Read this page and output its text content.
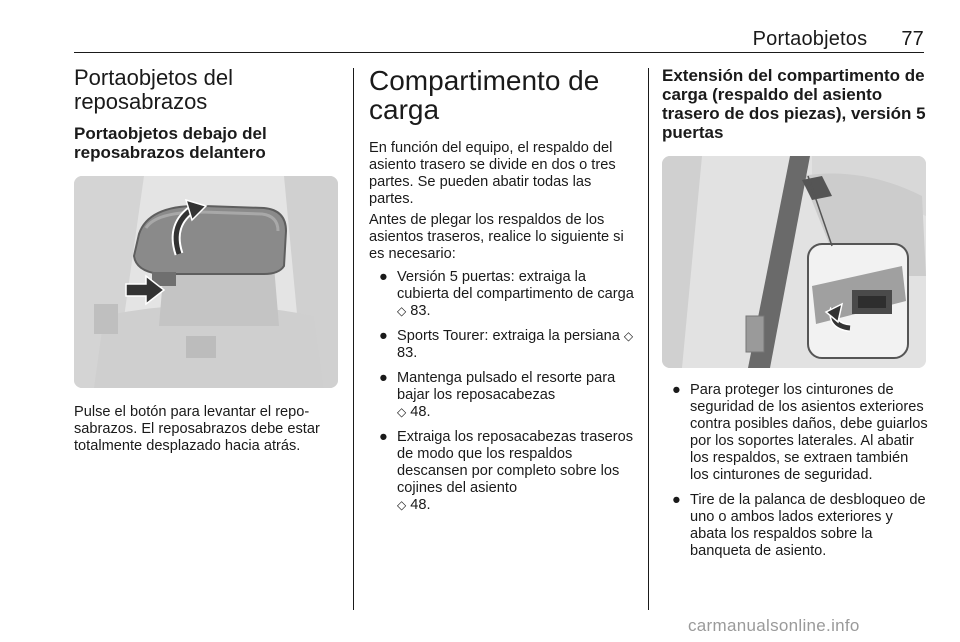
Portaobjetos 77
Portaobjetos del reposabrazos
Portaobjetos debajo del reposabrazos delantero

Pulse el botón para levantar el reposabrazos. El reposabrazos debe estar totalmente desplazado hacia atrás.

Compartimento de carga

En función del equipo, el respaldo del asiento trasero se divide en dos o tres partes. Se pueden abatir todas las partes.

Antes de plegar los respaldos de los asientos traseros, realice lo siguiente si es necesario:

● Versión 5 puertas: extraiga la cubierta del compartimento de carga ◇ 83.
● Sports Tourer: extraiga la persiana ◇ 83.
● Mantenga pulsado el resorte para bajar los reposacabezas
◇ 48.
● Extraiga los reposacabezas traseros de modo que los respaldos descansen por completo sobre los cojines del asiento
◇ 48.
Extensión del compartimento de carga (respaldo del asiento trasero de dos piezas), versión 5 puertas
● Para proteger los cinturones de seguridad de los asientos exteriores contra posibles daños, debe guiarlos por los soportes laterales. Al abatir los respaldos, se extraen también los cinturones de seguridad.
● Tire de la palanca de desbloqueo de uno o ambos lados exteriores y abata los respaldos sobre la banqueta de asiento.
carmanualsonline.info
